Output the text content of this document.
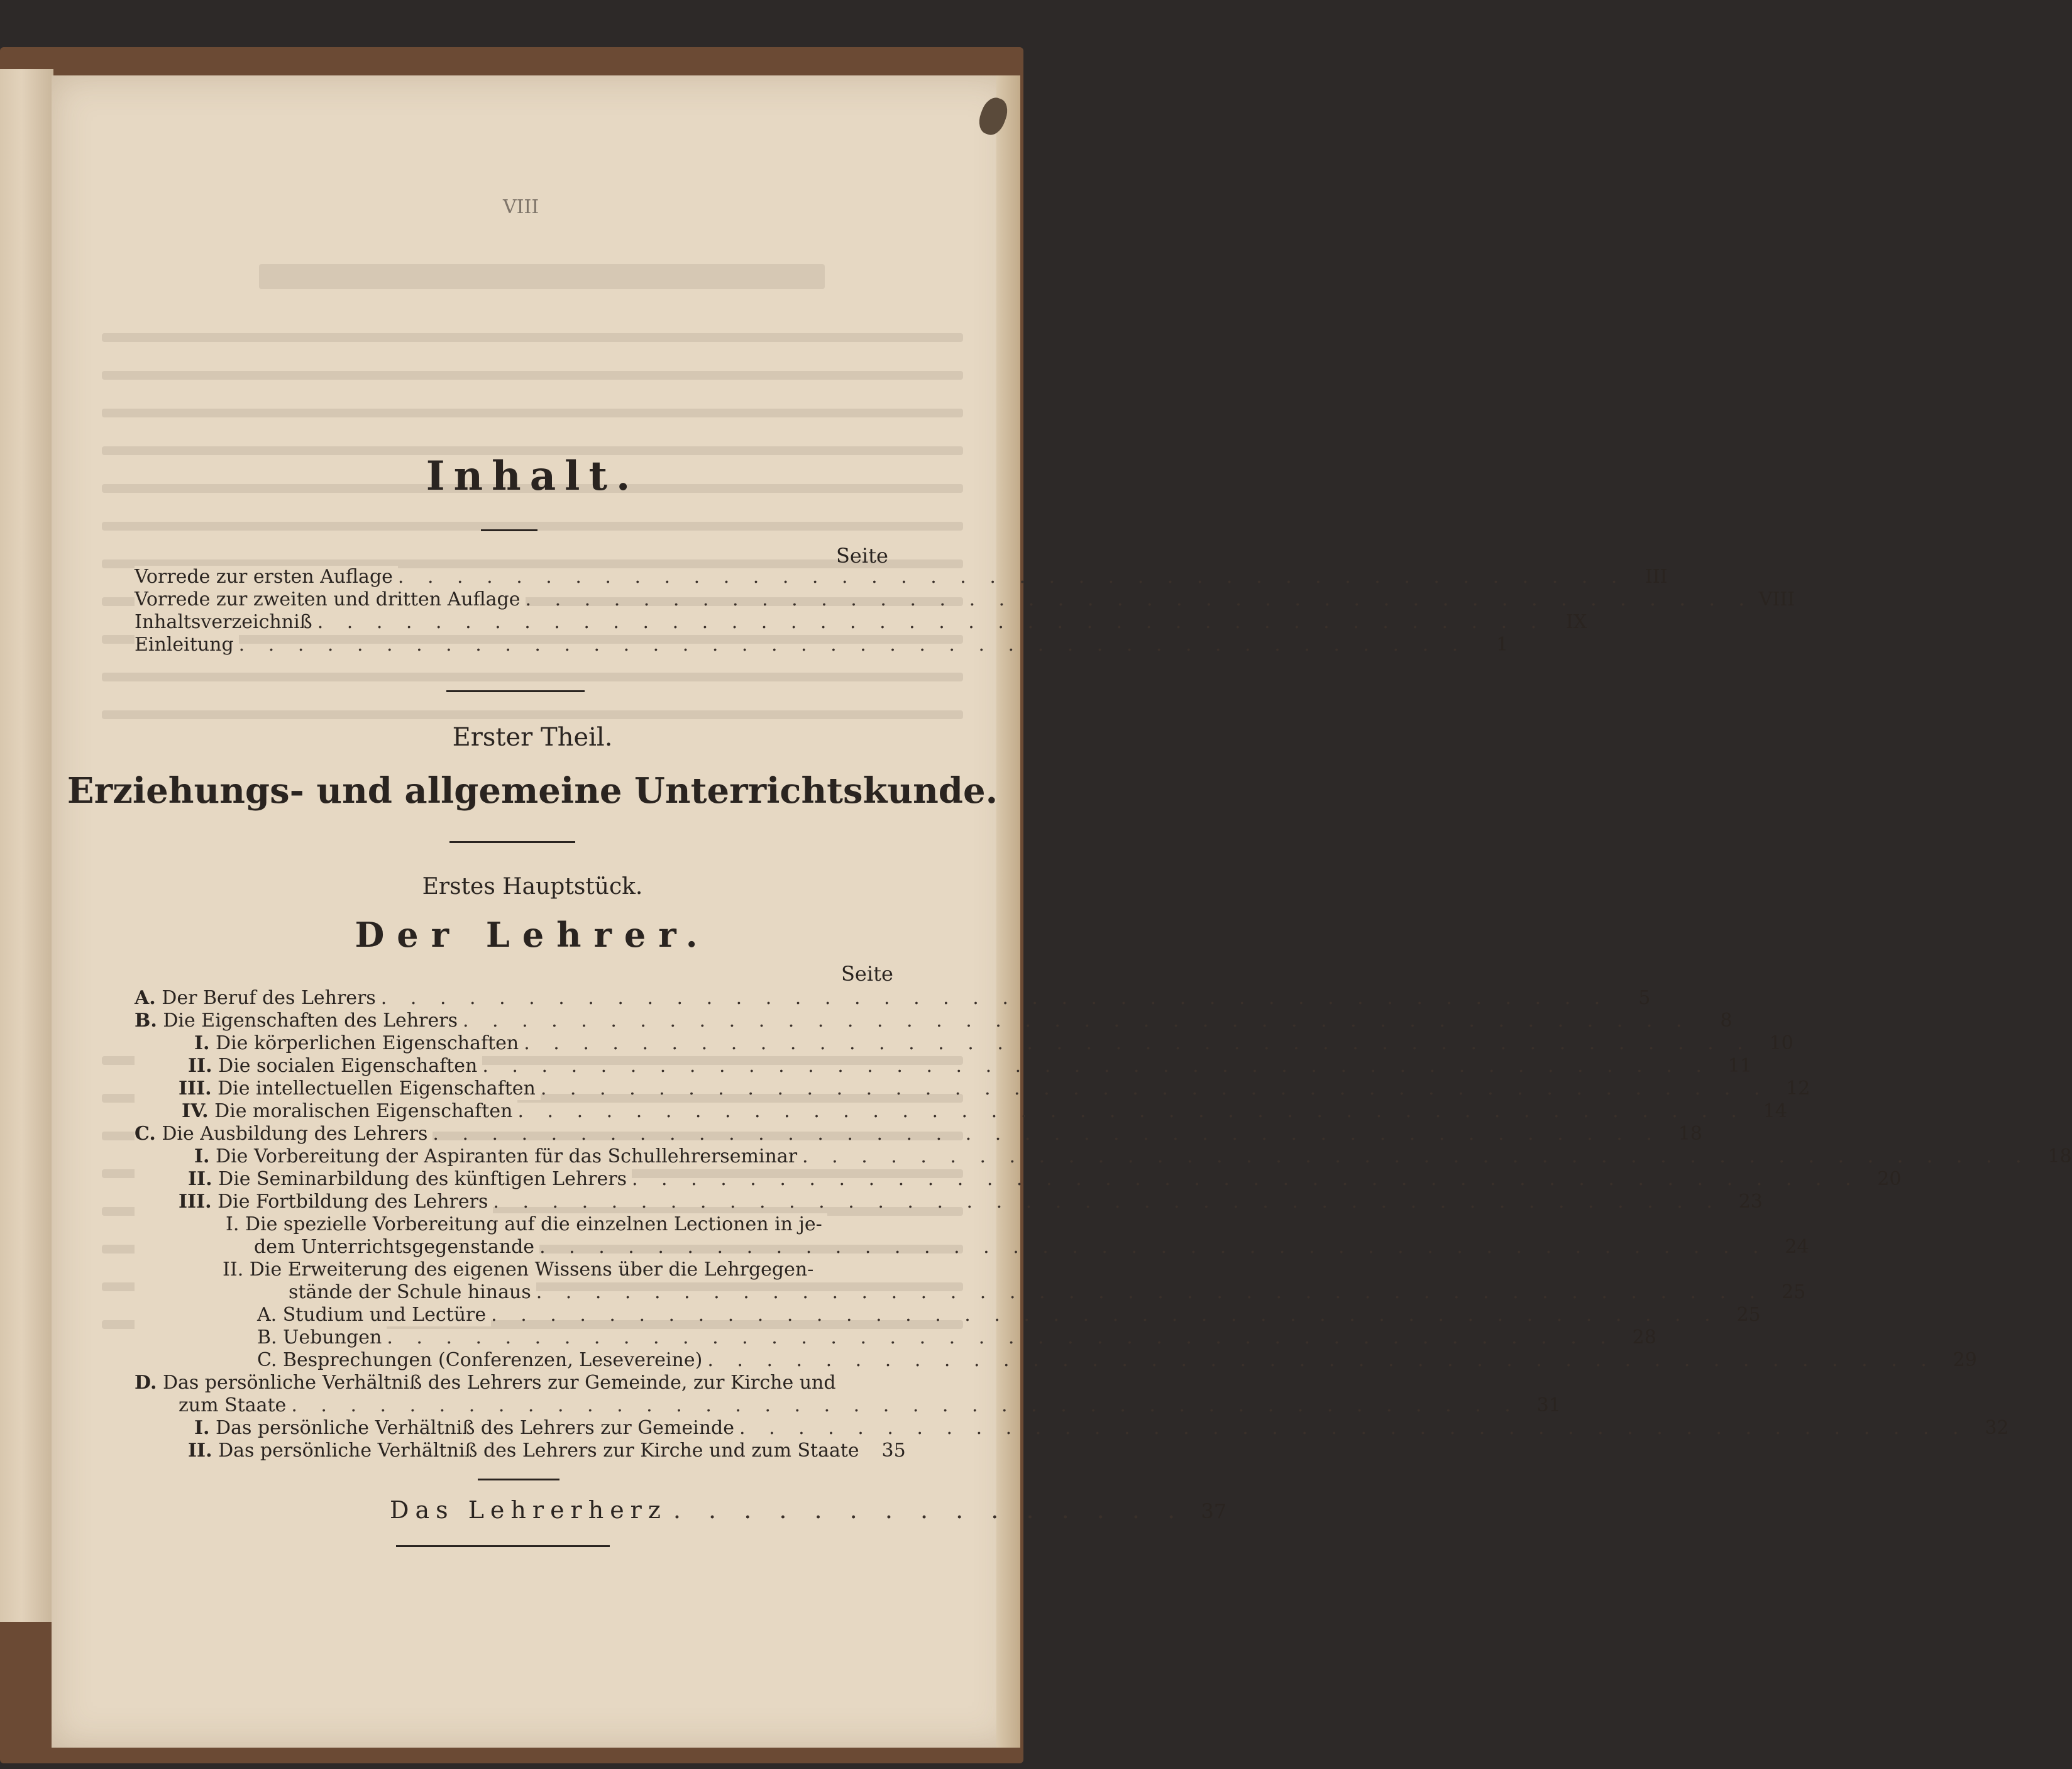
VIII
Inhalt.
Seite
Vorrede zur ersten Auflage . . . . . . . . . . . . . . . . . . . . . . . . . . . . . . . . . . . . . . . . . .	III
Vorrede zur zweiten und dritten Auflage . . . . . . . . . . . . . . . . . . . . . . . . . . . . . . . . . . . . . . . . . . VIII
Inhaltsverzeichniß . . . . . . . . . . . . . . . . . . . . . . . . . . . . . . . . . . . . . . . . . .	IX
Einleitung . . . . . . . . . . . . . . . . . . . . . . . . . . . . . . . . . . . . . . . . . .	1
Erster Theil.
Erziehungs- und allgemeine Unterrichtskunde.
Erstes Hauptstück.
Der Lehrer.
Seite
A. Der Beruf des Lehrers . . . . . . . . . . . . . . . . . . . . . . . . . . . . . . . . . . . . . . . . . .	5
B. Die Eigenschaften des Lehrers . . . . . . . . . . . . . . . . . . . . . . . . . . . . . . . . . . . . . . . . . .	8
I. Die körperlichen Eigenschaften . . . . . . . . . . . . . . . . . . . . . . . . . . . . . . . . . . . . . . . . . . 10
II. Die socialen Eigenschaften . . . . . . . . . . . . . . . . . . . . . . . . . . . . . . . . . . . . . . . . . . 11
III. Die intellectuellen Eigenschaften . . . . . . . . . . . . . . . . . . . . . . . . . . . . . . . . . . . . . . . . . . 12
IV. Die moralischen Eigenschaften . . . . . . . . . . . . . . . . . . . . . . . . . . . . . . . . . . . . . . . . . . 14
C. Die Ausbildung des Lehrers . . . . . . . . . . . . . . . . . . . . . . . . . . . . . . . . . . . . . . . . . . 18
I. Die Vorbereitung der Aspiranten für das Schullehrerseminar . . . . . . . . . . . . . . . . . . . . . . . . . . . . . . . . . . . . . . . . . . 18
II. Die Seminarbildung des künftigen Lehrers . . . . . . . . . . . . . . . . . . . . . . . . . . . . . . . . . . . . . . . . . . 20
III. Die Fortbildung des Lehrers . . . . . . . . . . . . . . . . . . . . . . . . . . . . . . . . . . . . . . . . . . 23
I. Die spezielle Vorbereitung auf die einzelnen Lectionen in je-
dem Unterrichtsgegenstande . . . . . . . . . . . . . . . . . . . . . . . . . . . . . . . . . . . . . . . . . . 24
II. Die Erweiterung des eigenen Wissens über die Lehrgegen-
stände der Schule hinaus . . . . . . . . . . . . . . . . . . . . . . . . . . . . . . . . . . . . . . . . . . 25
A. Studium und Lectüre . . . . . . . . . . . . . . . . . . . . . . . . . . . . . . . . . . . . . . . . . . 25
B. Uebungen . . . . . . . . . . . . . . . . . . . . . . . . . . . . . . . . . . . . . . . . . . 28
C. Besprechungen (Conferenzen, Lesevereine) . . . . . . . . . . . . . . . . . . . . . . . . . . . . . . . . . . . . . . . . . . 29
D. Das persönliche Verhältniß des Lehrers zur Gemeinde, zur Kirche und
zum Staate . . . . . . . . . . . . . . . . . . . . . . . . . . . . . . . . . . . . . . . . . . 31
I. Das persönliche Verhältniß des Lehrers zur Gemeinde . . . . . . . . . . . . . . . . . . . . . . . . . . . . . . . . . . . . . . . . . . 32
II. Das persönliche Verhältniß des Lehrers zur Kirche und zum Staate	35
Das Lehrerherz . . . . . . . . . . . . . . . 37
